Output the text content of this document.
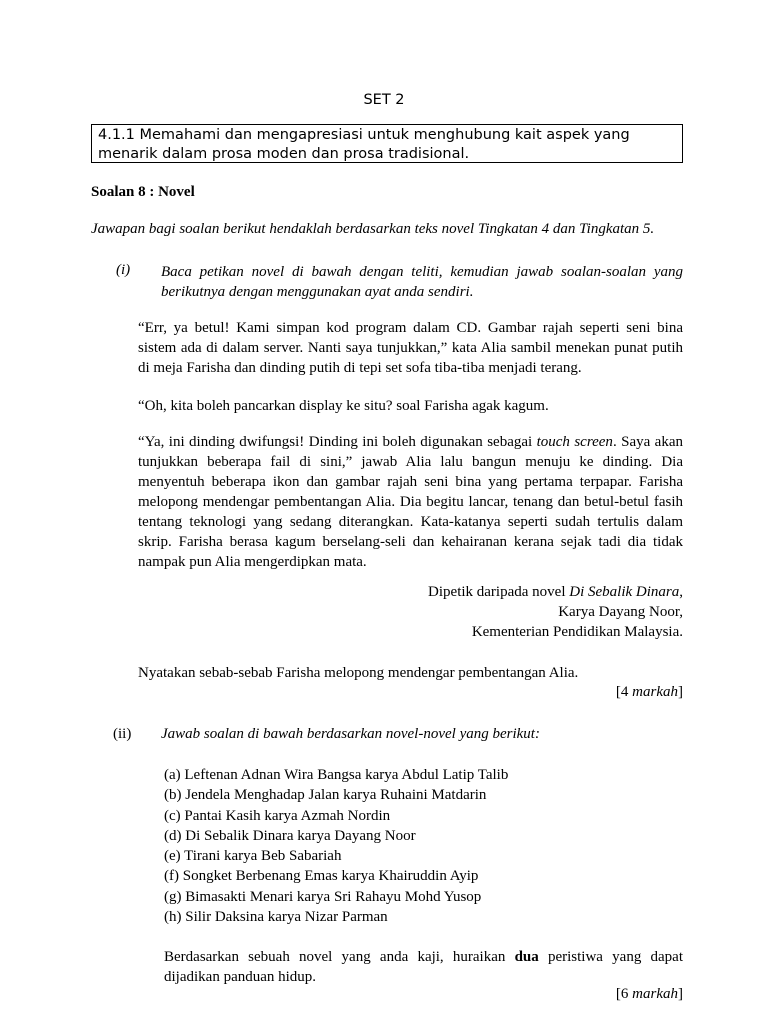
SET 2
4.1.1 Memahami dan mengapresiasi untuk menghubung kait aspek yang menarik dalam prosa moden dan prosa tradisional.
Soalan 8 : Novel
Jawapan bagi soalan berikut hendaklah berdasarkan teks novel Tingkatan 4 dan Tingkatan 5.
(i) Baca petikan novel di bawah dengan teliti, kemudian jawab soalan-soalan yang berikutnya dengan menggunakan ayat anda sendiri.
“Err, ya betul! Kami simpan kod program dalam CD. Gambar rajah seperti seni bina sistem ada di dalam server. Nanti saya tunjukkan,” kata Alia sambil menekan punat putih di meja Farisha dan dinding putih di tepi set sofa tiba-tiba menjadi terang.
“Oh, kita boleh pancarkan display ke situ? soal Farisha agak kagum.
“Ya, ini dinding dwifungsi! Dinding ini boleh digunakan sebagai touch screen. Saya akan tunjukkan beberapa fail di sini,” jawab Alia lalu bangun menuju ke dinding. Dia menyentuh beberapa ikon dan gambar rajah seni bina yang pertama terpapar. Farisha melopong mendengar pembentangan Alia. Dia begitu lancar, tenang dan betul-betul fasih tentang teknologi yang sedang diterangkan. Kata-katanya seperti sudah tertulis dalam skrip. Farisha berasa kagum berselang-seli dan kehairanan kerana sejak tadi dia tidak nampak pun Alia mengerdipkan mata.
Dipetik daripada novel Di Sebalik Dinara,
Karya Dayang Noor,
Kementerian Pendidikan Malaysia.
Nyatakan sebab-sebab Farisha melopong mendengar pembentangan Alia.
[4 markah]
(ii) Jawab soalan di bawah berdasarkan novel-novel yang berikut:
(a) Leftenan Adnan Wira Bangsa karya Abdul Latip Talib
(b) Jendela Menghadap Jalan karya Ruhaini Matdarin
(c) Pantai Kasih karya Azmah Nordin
(d) Di Sebalik Dinara karya Dayang Noor
(e) Tirani karya Beb Sabariah
(f) Songket Berbenang Emas karya Khairuddin Ayip
(g) Bimasakti Menari karya Sri Rahayu Mohd Yusop
(h) Silir Daksina karya Nizar Parman
Berdasarkan sebuah novel yang anda kaji, huraikan dua peristiwa yang dapat dijadikan panduan hidup.
[6 markah]
